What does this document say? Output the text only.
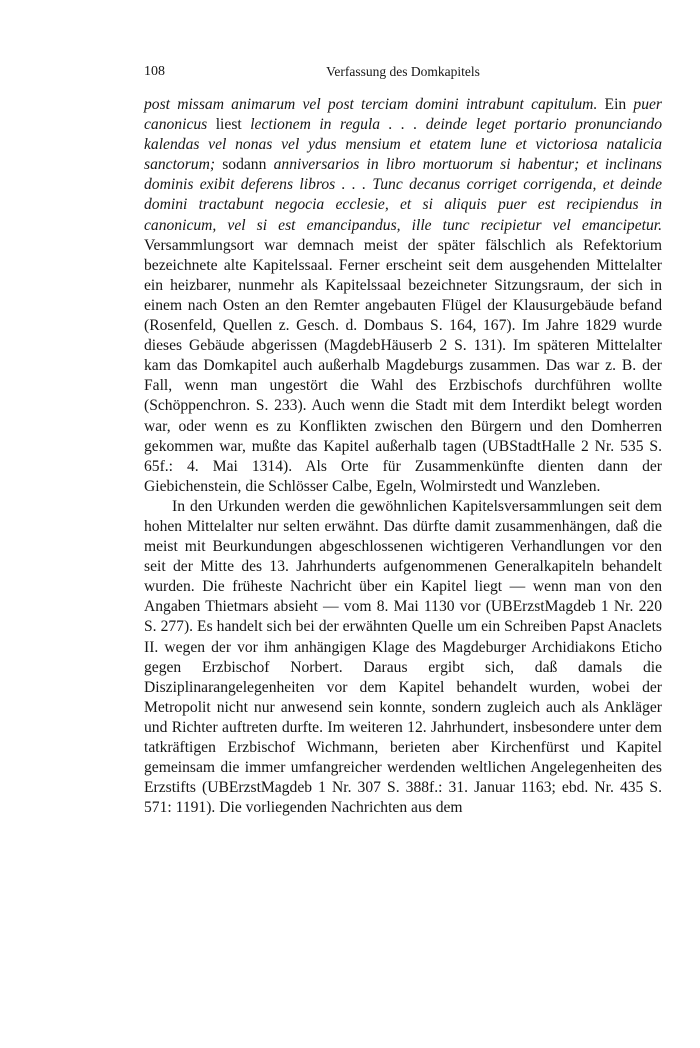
108	Verfassung des Domkapitels

post missam animarum vel post terciam domini intrabunt capitulum. Ein puer canonicus liest lectionem in regula . . . deinde leget portario pronunciando kalendas vel nonas vel ydus mensium et etatem lune et victoriosa natalicia sanctorum; sodann anniversarios in libro mortuorum si habentur; et inclinans dominis exibit deferens libros . . . Tunc decanus corriget corrigenda, et deinde domini tractabunt negocia ecclesie, et si aliquis puer est recipiendus in canonicum, vel si est emancipandus, ille tunc recipietur vel emancipetur. Versammlungsort war demnach meist der später fälschlich als Refektorium bezeichnete alte Kapitelssaal. Ferner erscheint seit dem ausgehenden Mittelalter ein heizbarer, nunmehr als Kapitelssaal bezeichneter Sitzungsraum, der sich in einem nach Osten an den Remter angebauten Flügel der Klausurgebäude befand (Rosenfeld, Quellen z. Gesch. d. Dombaus S. 164, 167). Im Jahre 1829 wurde dieses Gebäude abgerissen (MagdebHäuserb 2 S. 131). Im späteren Mittelalter kam das Domkapitel auch außerhalb Magdeburgs zusammen. Das war z. B. der Fall, wenn man ungestört die Wahl des Erzbischofs durchführen wollte (Schöppenchron. S. 233). Auch wenn die Stadt mit dem Interdikt belegt worden war, oder wenn es zu Konflikten zwischen den Bürgern und den Domherren gekommen war, mußte das Kapitel außerhalb tagen (UBStadtHalle 2 Nr. 535 S. 65f.: 4. Mai 1314). Als Orte für Zusammenkünfte dienten dann der Giebichenstein, die Schlösser Calbe, Egeln, Wolmirstedt und Wanzleben.

In den Urkunden werden die gewöhnlichen Kapitelsversammlungen seit dem hohen Mittelalter nur selten erwähnt. Das dürfte damit zusammenhängen, daß die meist mit Beurkundungen abgeschlossenen wichtigeren Verhandlungen vor den seit der Mitte des 13. Jahrhunderts aufgenommenen Generalkapiteln behandelt wurden. Die früheste Nachricht über ein Kapitel liegt — wenn man von den Angaben Thietmars absieht — vom 8. Mai 1130 vor (UBErzstMagdeb 1 Nr. 220 S. 277). Es handelt sich bei der erwähnten Quelle um ein Schreiben Papst Anaclets II. wegen der vor ihm anhängigen Klage des Magdeburger Archidiakons Eticho gegen Erzbischof Norbert. Daraus ergibt sich, daß damals die Disziplinarangelegenheiten vor dem Kapitel behandelt wurden, wobei der Metropolit nicht nur anwesend sein konnte, sondern zugleich auch als Ankläger und Richter auftreten durfte. Im weiteren 12. Jahrhundert, insbesondere unter dem tatkräftigen Erzbischof Wichmann, berieten aber Kirchenfürst und Kapitel gemeinsam die immer umfangreicher werdenden weltlichen Angelegenheiten des Erzstifts (UBErzstMagdeb 1 Nr. 307 S. 388f.: 31. Januar 1163; ebd. Nr. 435 S. 571: 1191). Die vorliegenden Nachrichten aus dem
